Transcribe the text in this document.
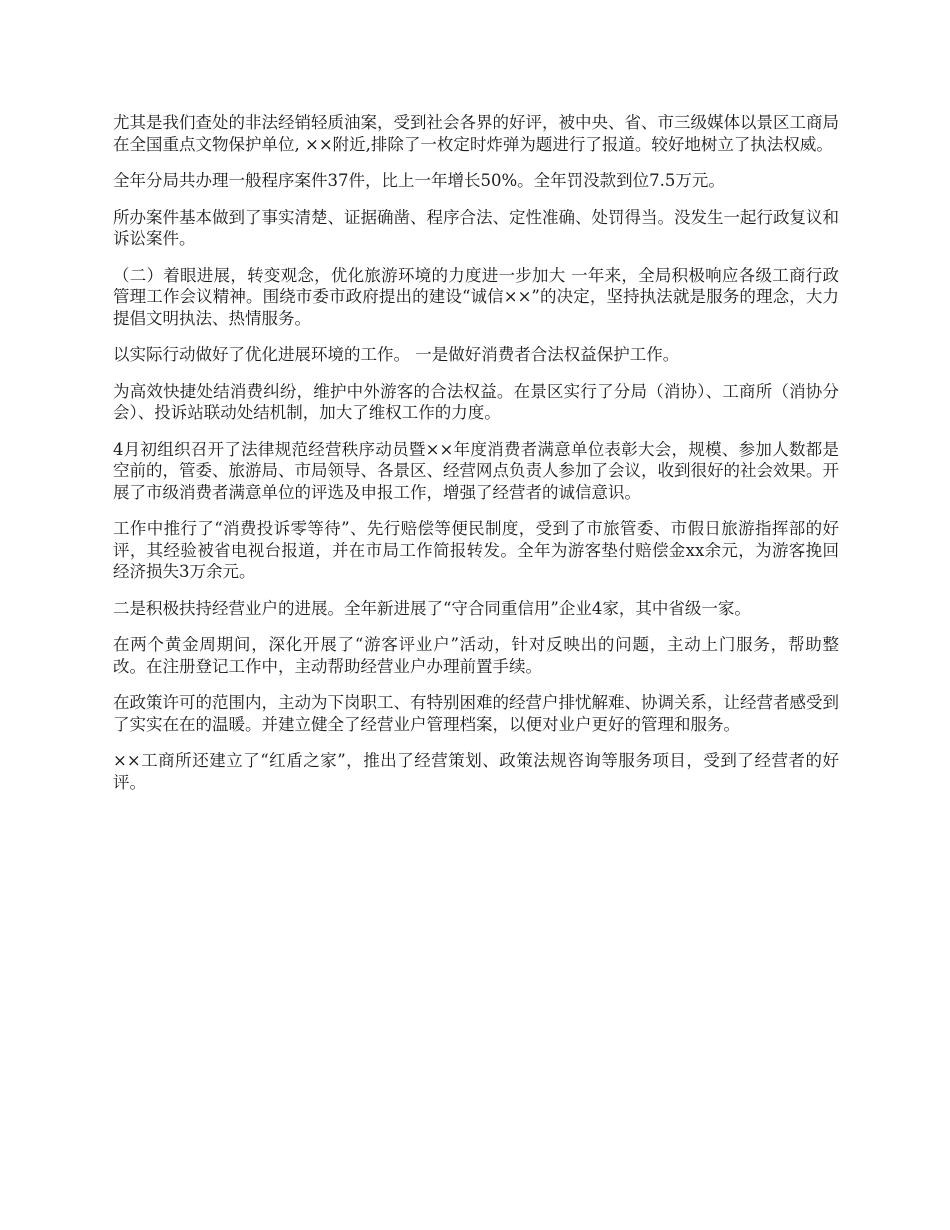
尤其是我们查处的非法经销轻质油案，受到社会各界的好评，被中央、省、市三级媒体以景区工商局在全国重点文物保护单位, ××附近,排除了一枚定时炸弹为题进行了报道。较好地树立了执法权威。

全年分局共办理一般程序案件37件，比上一年增长50%。全年罚没款到位7.5万元。

所办案件基本做到了事实清楚、证据确凿、程序合法、定性准确、处罚得当。没发生一起行政复议和诉讼案件。

（二）着眼进展，转变观念，优化旅游环境的力度进一步加大 一年来，全局积极响应各级工商行政管理工作会议精神。围绕市委市政府提出的建设“诚信××”的决定，坚持执法就是服务的理念，大力提倡文明执法、热情服务。

以实际行动做好了优化进展环境的工作。 一是做好消费者合法权益保护工作。

为高效快捷处结消费纠纷，维护中外游客的合法权益。在景区实行了分局（消协）、工商所（消协分会）、投诉站联动处结机制，加大了维权工作的力度。

4月初组织召开了法律规范经营秩序动员暨××年度消费者满意单位表彰大会，规模、参加人数都是空前的，管委、旅游局、市局领导、各景区、经营网点负责人参加了会议，收到很好的社会效果。开展了市级消费者满意单位的评选及申报工作，增强了经营者的诚信意识。

工作中推行了“消费投诉零等待”、先行赔偿等便民制度，受到了市旅管委、市假日旅游指挥部的好评，其经验被省电视台报道，并在市局工作简报转发。全年为游客垫付赔偿金xx余元，为游客挽回经济损失3万余元。

二是积极扶持经营业户的进展。全年新进展了“守合同重信用”企业4家，其中省级一家。

在两个黄金周期间，深化开展了“游客评业户”活动，针对反映出的问题，主动上门服务，帮助整改。在注册登记工作中，主动帮助经营业户办理前置手续。

在政策许可的范围内，主动为下岗职工、有特别困难的经营户排忧解难、协调关系，让经营者感受到了实实在在的温暖。并建立健全了经营业户管理档案，以便对业户更好的管理和服务。

××工商所还建立了“红盾之家”，推出了经营策划、政策法规咨询等服务项目，受到了经营者的好评。
